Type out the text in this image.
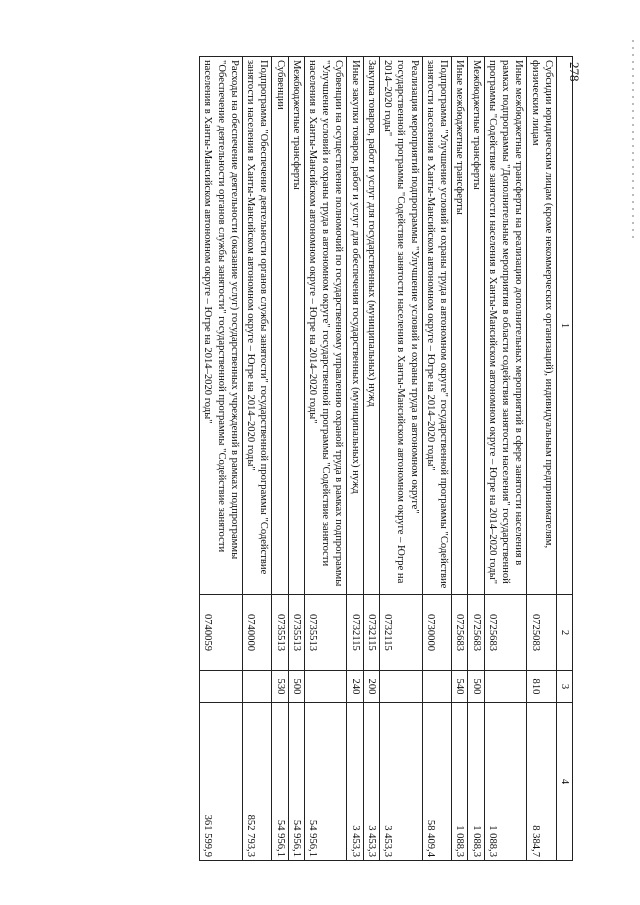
278
1	2	3	4
Субсидии юридическим лицам (кроме некоммерческих организаций), индивидуальным предпринимателям, физическим лицам	0725083	810	8 384,7
Иные межбюджетные трансферты на реализацию дополнительных мероприятий в сфере занятости населения в рамках подпрограммы "Дополнительные мероприятия в области содействия занятости населения" государственной программы "Содействие занятости населения в Ханты-Мансийском автономном округе – Югре на 2014–2020 годы"	0725683		1 088,3
Межбюджетные трансферты	0725683	500	1 088,3
Иные межбюджетные трансферты	0725683	540	1 088,3
Подпрограмма "Улучшение условий и охраны труда в автономном округе" государственной программы "Содействие занятости населения в Ханты-Мансийском автономном округе – Югре на 2014–2020 годы"	0730000		58 409,4
Реализация мероприятий подпрограммы "Улучшение условий и охраны труда в автономном округе" государственной программы "Содействие занятости населения в Ханты-Мансийском автономном округе – Югре на 2014–2020 годы"	0732115		3 453,3
Закупка товаров, работ и услуг для государственных (муниципальных) нужд	0732115	200	3 453,3
Иные закупки товаров, работ и услуг для обеспечения государственных (муниципальных) нужд	0732115	240	3 453,3
Субвенции на осуществление полномочий по государственному управлению охраной труда в рамках подпрограммы "Улучшение условий и охраны труда в автономном округе" государственной программы "Содействие занятости населения в Ханты-Мансийском автономном округе – Югре на 2014–2020 годы"	0735513		54 956,1
Межбюджетные трансферты	0735513	500	54 956,1
Субвенции	0735513	530	54 956,1
Подпрограмма "Обеспечение деятельности органов службы занятости" государственной программы "Содействие занятости населения в Ханты-Мансийском автономном округе – Югре на 2014–2020 годы"	0740000		852 793,3
Расходы на обеспечение деятельности (оказание услуг) государственных учреждений в рамках подпрограммы "Обеспечение деятельности органов службы занятости" государственной программы "Содействие занятости населения в Ханты-Мансийском автономном округе – Югре на 2014–2020 годы"	0740059		361 599,9
